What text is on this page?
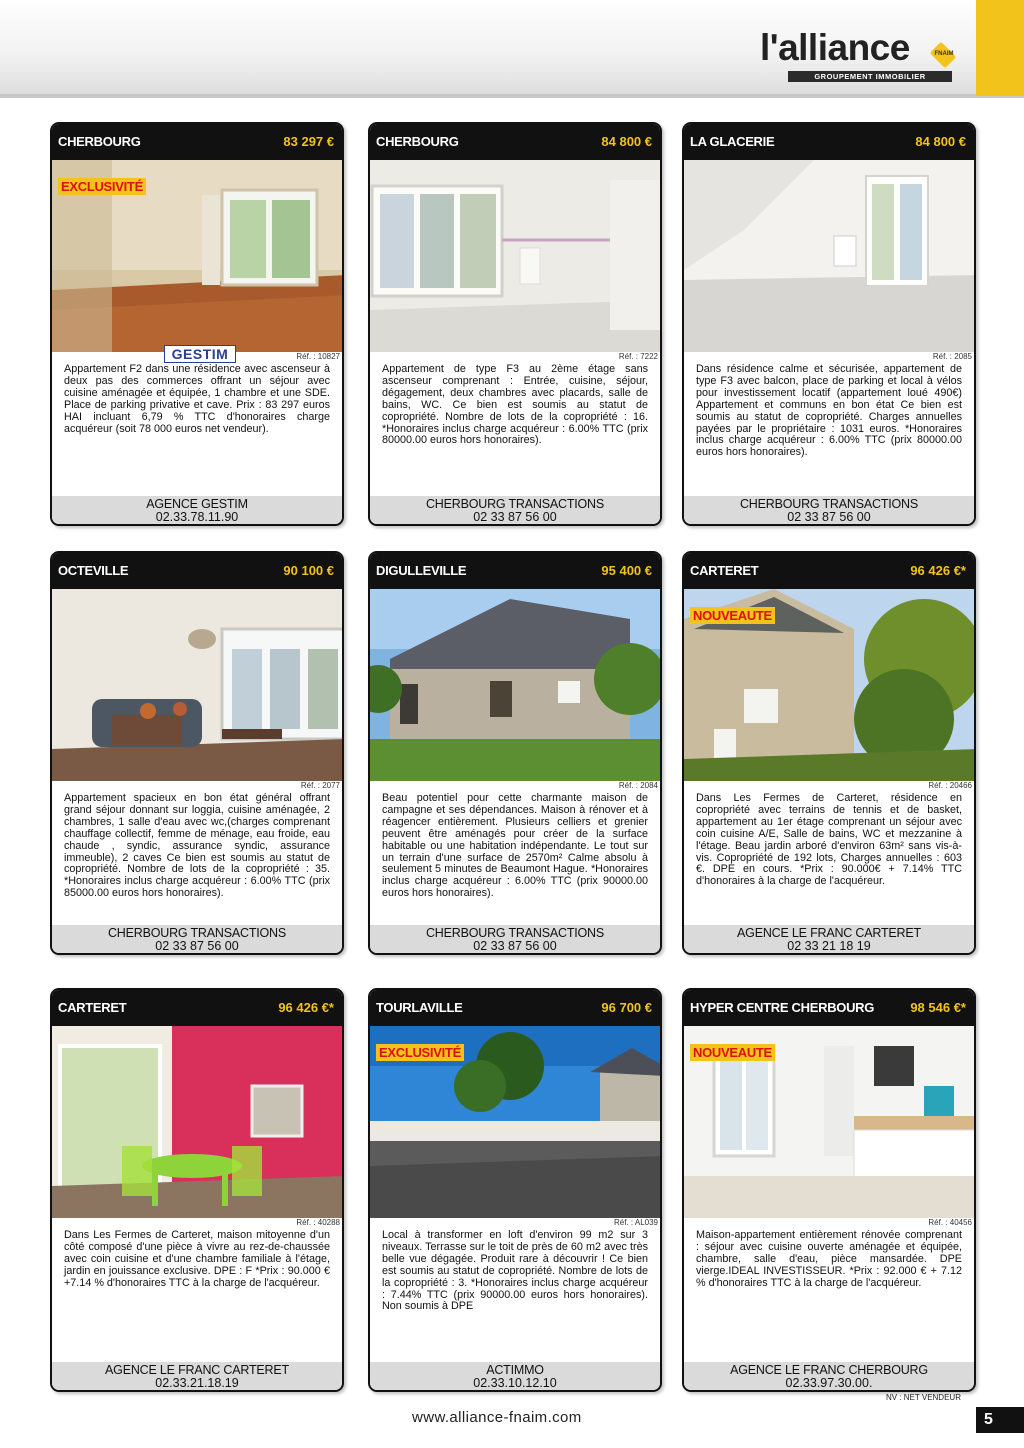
l'alliance	FNAIM
GROUPEMENT IMMOBILIER
CHERBOURG	83 297 €
EXCLUSIVITÉ
GESTIM	Réf. : 10827

Appartement F2 dans une résidence avec ascenseur à deux pas des commerces offrant un séjour avec cuisine aménagée et équipée, 1 chambre et une SDE. Place de parking privative et cave. Prix : 83 297 euros HAI incluant 6,79 % TTC d'honoraires charge acquéreur (soit 78 000 euros net vendeur).

AGENCE GESTIM
02.33.78.11.90
CHERBOURG	84 800 €
Réf. : 7222

Appartement de type F3 au 2ème étage sans ascenseur comprenant : Entrée, cuisine, séjour, dégagement, deux chambres avec placards, salle de bains, WC. Ce bien est soumis au statut de copropriété. Nombre de lots de la copropriété : 16. *Honoraires inclus charge acquéreur : 6.00% TTC (prix 80000.00 euros hors honoraires).

CHERBOURG TRANSACTIONS
02 33 87 56 00
LA GLACERIE	84 800 €
Réf. : 2085

Dans résidence calme et sécurisée, appartement de type F3 avec balcon, place de parking et local à vélos pour investissement locatif (appartement loué 490€) Appartement et communs en bon état Ce bien est soumis au statut de copropriété. Charges annuelles payées par le propriétaire : 1031 euros. *Honoraires inclus charge acquéreur : 6.00% TTC (prix 80000.00 euros hors honoraires).

CHERBOURG TRANSACTIONS
02 33 87 56 00
OCTEVILLE	90 100 €
Réf. : 2077

Appartement spacieux en bon état général offrant grand séjour donnant sur loggia, cuisine aménagée, 2 chambres, 1 salle d'eau avec wc,(charges comprenant chauffage collectif, femme de ménage, eau froide, eau chaude , syndic, assurance syndic, assurance immeuble), 2 caves Ce bien est soumis au statut de copropriété. Nombre de lots de la copropriété : 35. *Honoraires inclus charge acquéreur : 6.00% TTC (prix 85000.00 euros hors honoraires).

CHERBOURG TRANSACTIONS
02 33 87 56 00
DIGULLEVILLE	95 400 €
Réf. : 2084

Beau potentiel pour cette charmante maison de campagne et ses dépendances. Maison à rénover et à réagencer entièrement. Plusieurs celliers et grenier peuvent être aménagés pour créer de la surface habitable ou une habitation indépendante. Le tout sur un terrain d'une surface de 2570m² Calme absolu à seulement 5 minutes de Beaumont Hague. *Honoraires inclus charge acquéreur : 6.00% TTC (prix 90000.00 euros hors honoraires).

CHERBOURG TRANSACTIONS
02 33 87 56 00
CARTERET	96 426 €*
NOUVEAUTE
Réf. : 20466

Dans Les Fermes de Carteret, résidence en copropriété avec terrains de tennis et de basket, appartement au 1er étage comprenant un séjour avec coin cuisine A/E, Salle de bains, WC et mezzanine à l'étage. Beau jardin arboré d'environ 63m² sans vis-à-vis. Copropriété de 192 lots, Charges annuelles : 603 €. DPE en cours. *Prix : 90.000€ + 7.14% TTC d'honoraires à la charge de l'acquéreur.

AGENCE LE FRANC CARTERET
02 33 21 18 19
CARTERET	96 426 €*
Réf. : 40288

Dans Les Fermes de Carteret, maison mitoyenne d'un côté composé d'une pièce à vivre au rez-de-chaussée avec coin cuisine et d'une chambre familiale à l'étage, jardin en jouissance exclusive. DPE : F *Prix : 90.000 € +7.14 % d'honoraires TTC à la charge de l'acquéreur.

AGENCE LE FRANC CARTERET
02.33.21.18.19
TOURLAVILLE	96 700 €
EXCLUSIVITÉ
Réf. : AL039

Local à transformer en loft d'environ 99 m2 sur 3 niveaux. Terrasse sur le toit de près de 60 m2 avec très belle vue dégagée. Produit rare à découvrir ! Ce bien est soumis au statut de copropriété. Nombre de lots de la copropriété : 3. *Honoraires inclus charge acquéreur : 7.44% TTC (prix 90000.00 euros hors honoraires). Non soumis à DPE

ACTIMMO
02.33.10.12.10
HYPER CENTRE CHERBOURG	98 546 €*
NOUVEAUTE
Réf. : 40456

Maison-appartement entièrement rénovée comprenant : séjour avec cuisine ouverte aménagée et équipée, chambre, salle d'eau, pièce mansardée. DPE vierge.IDEAL INVESTISSEUR. *Prix : 92.000 € + 7.12 % d'honoraires TTC à la charge de l'acquéreur.

AGENCE LE FRANC CHERBOURG
02.33.97.30.00.
NV : NET VENDEUR
www.alliance-fnaim.com	5
